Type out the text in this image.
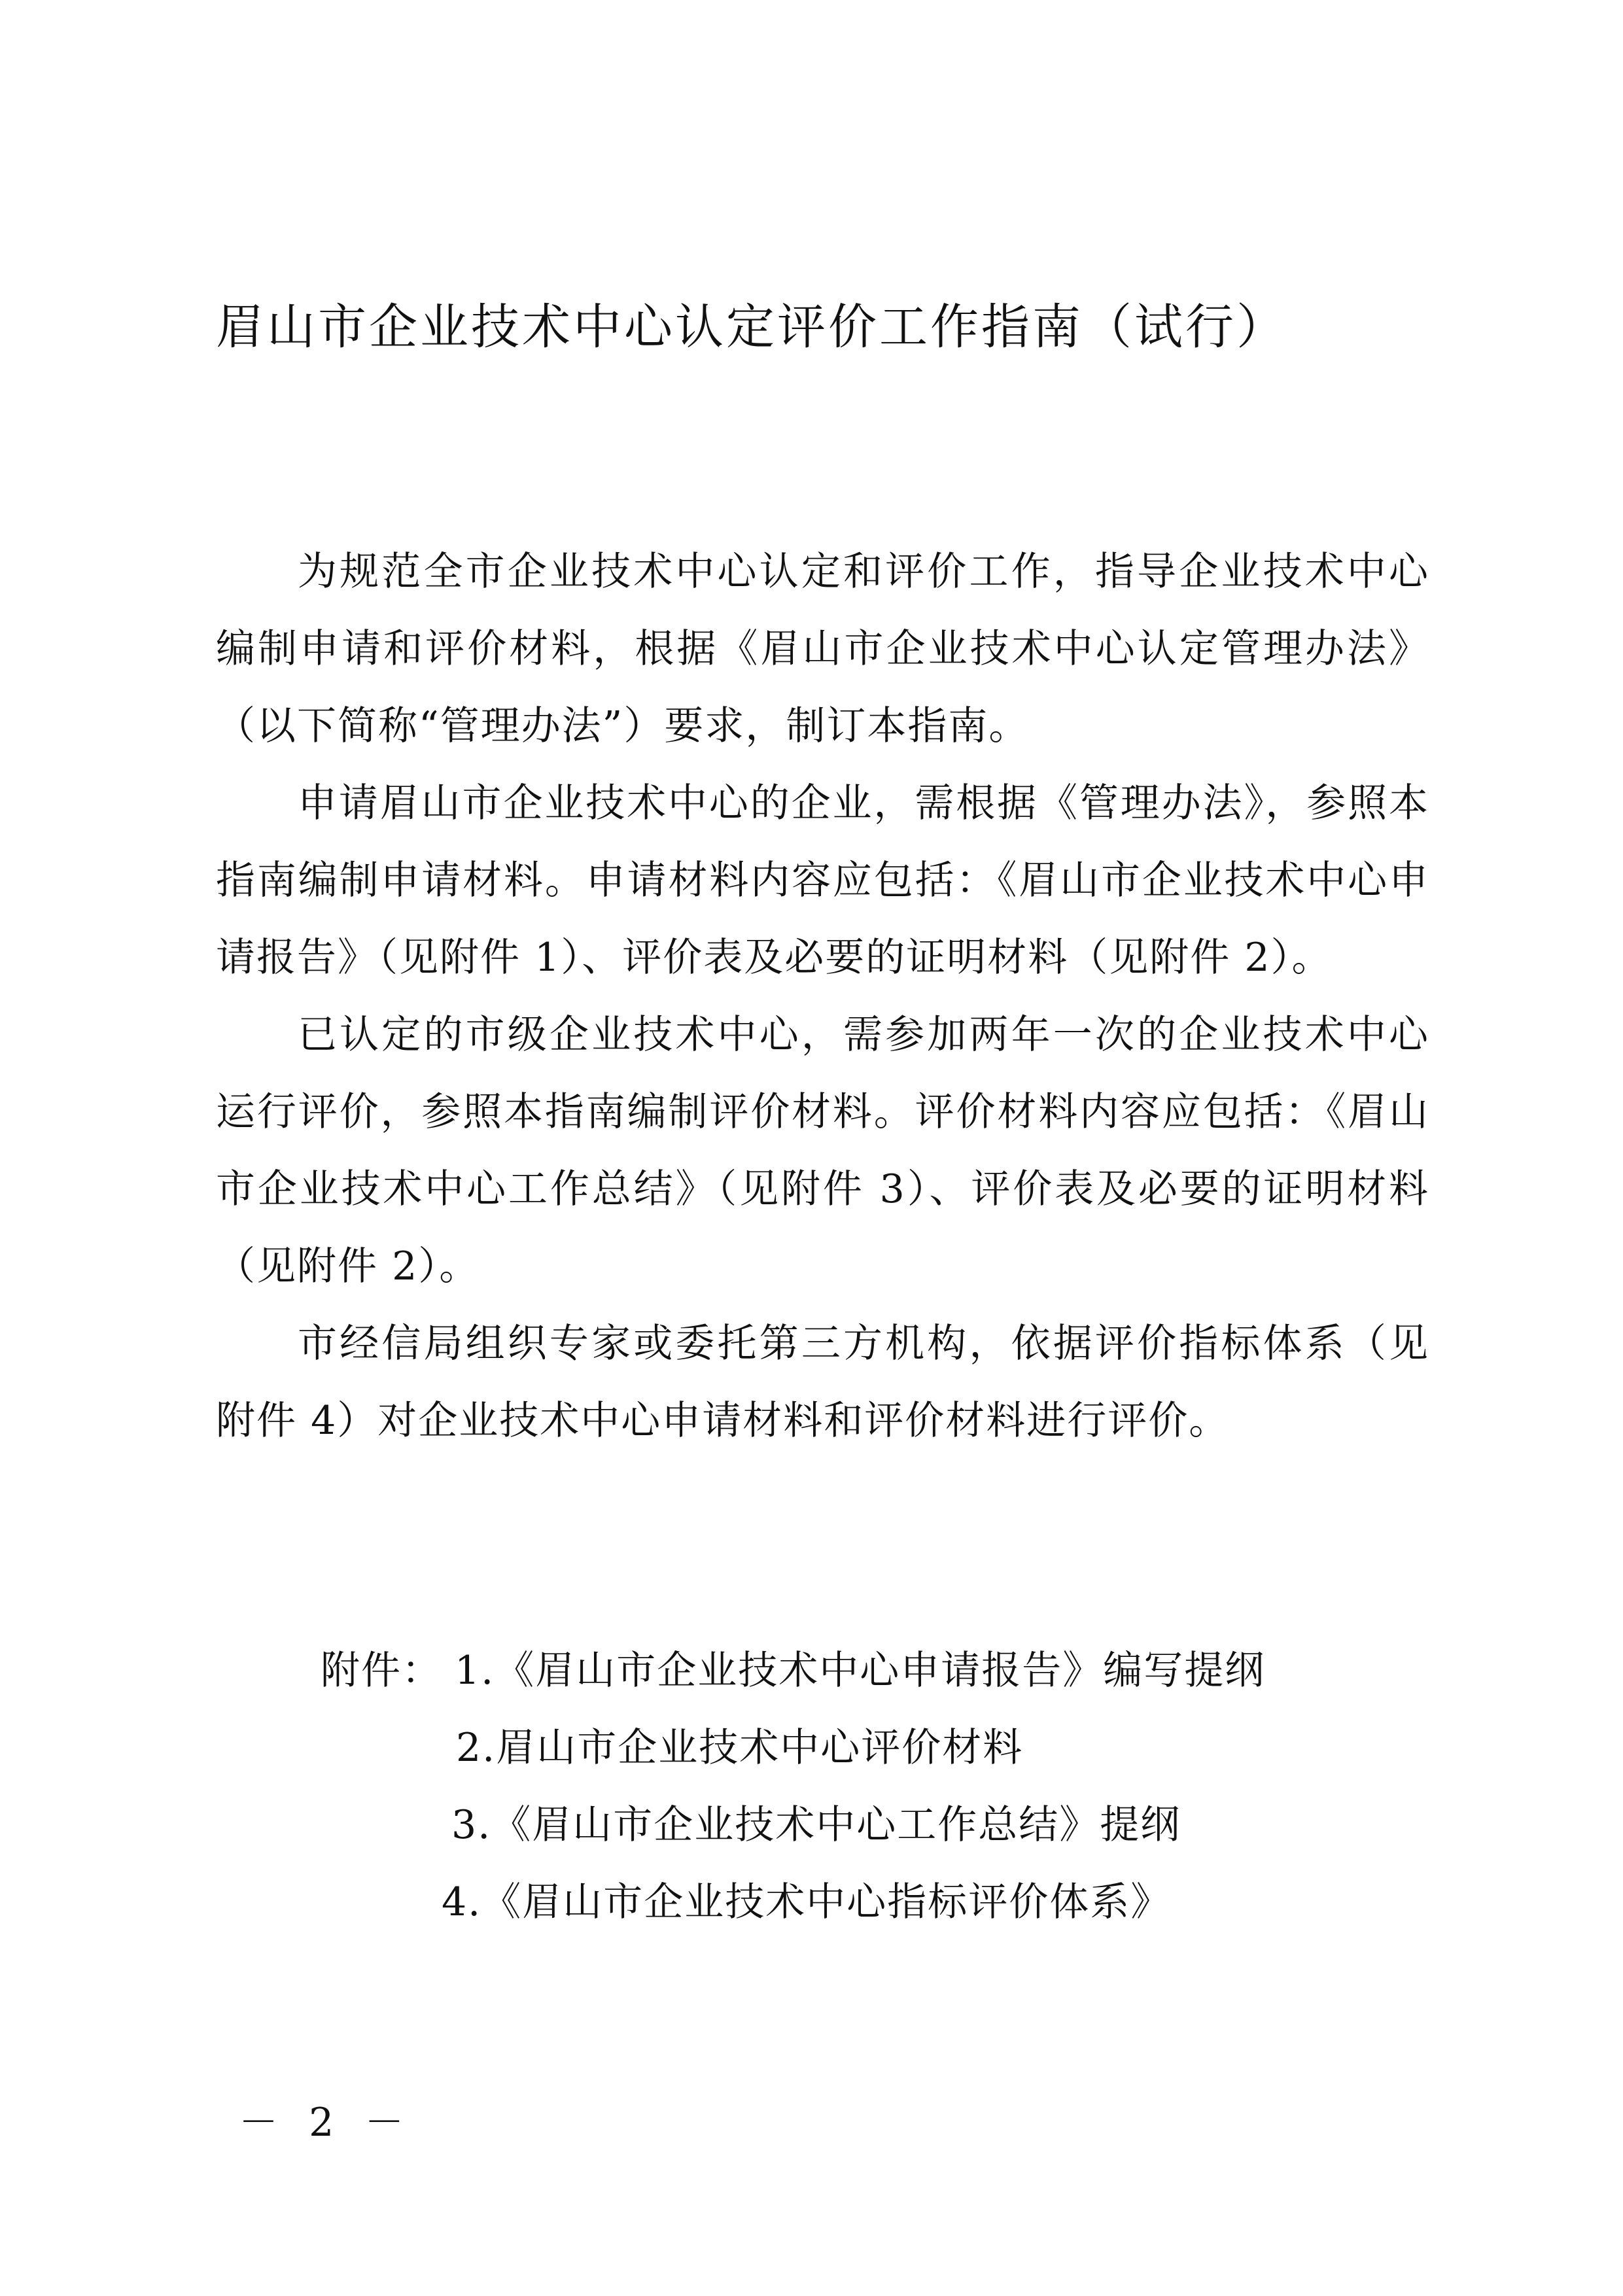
眉山市企业技术中心认定评价工作指南（试行）

为规范全市企业技术中心认定和评价工作，指导企业技术中心编制申请和评价材料，根据《眉山市企业技术中心认定管理办法》（以下简称“管理办法”）要求，制订本指南。

申请眉山市企业技术中心的企业，需根据《管理办法》，参照本指南编制申请材料。申请材料内容应包括：《眉山市企业技术中心申请报告》（见附件 1）、评价表及必要的证明材料（见附件 2）。

已认定的市级企业技术中心，需参加两年一次的企业技术中心运行评价，参照本指南编制评价材料。评价材料内容应包括：《眉山市企业技术中心工作总结》（见附件 3）、评价表及必要的证明材料（见附件 2）。

市经信局组织专家或委托第三方机构，依据评价指标体系（见附件 4）对企业技术中心申请材料和评价材料进行评价。

附件： 1.《眉山市企业技术中心申请报告》编写提纲
2.眉山市企业技术中心评价材料
3.《眉山市企业技术中心工作总结》提纲
4.《眉山市企业技术中心指标评价体系》
－ 2 －
